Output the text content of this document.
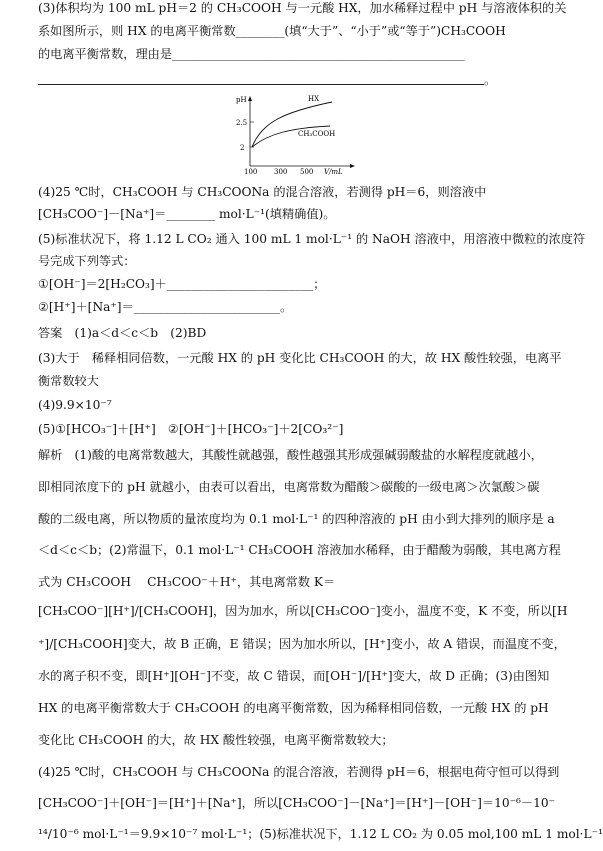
(3)体积均为 100 mL pH＝2 的 CH₃COOH 与一元酸 HX，加水稀释过程中 pH 与溶液体积的关
系如图所示，则 HX 的电离平衡常数________(填“大于”、“小于”或“等于”)CH₃COOH
的电离平衡常数，理由是________________________________________________
。
pH
2.5
2
100 300 500 V/mL
HX
CH₃COOH
(4)25 ℃时，CH₃COOH 与 CH₃COONa 的混合溶液，若测得 pH＝6，则溶液中
[CH₃COO⁻]－[Na⁺]＝________ mol·L⁻¹(填精确值)。
(5)标准状况下，将 1.12 L CO₂ 通入 100 mL 1 mol·L⁻¹ 的 NaOH 溶液中，用溶液中微粒的浓度符
号完成下列等式：
①[OH⁻]＝2[H₂CO₃]＋________________________；
②[H⁺]＋[Na⁺]＝________________________。
答案　(1)a＜d＜c＜b　(2)BD
(3)大于　稀释相同倍数，一元酸 HX 的 pH 变化比 CH₃COOH 的大，故 HX 酸性较强，电离平
衡常数较大
(4)9.9×10⁻⁷
(5)①[HCO₃⁻]＋[H⁺]　②[OH⁻]＋[HCO₃⁻]＋2[CO₃²⁻]
解析　(1)酸的电离常数越大，其酸性就越强，酸性越强其形成强碱弱酸盐的水解程度就越小，
即相同浓度下的 pH 就越小，由表可以看出，电离常数为醋酸＞碳酸的一级电离＞次氯酸＞碳
酸的二级电离，所以物质的量浓度均为 0.1 mol·L⁻¹ 的四种溶液的 pH 由小到大排列的顺序是 a
＜d＜c＜b；(2)常温下，0.1 mol·L⁻¹ CH₃COOH 溶液加水稀释，由于醋酸为弱酸，其电离方程
式为 CH₃COOH　 CH₃COO⁻＋H⁺，其电离常数 K＝
[CH₃COO⁻][H⁺]/[CH₃COOH]，因为加水，所以[CH₃COO⁻]变小，温度不变，K 不变，所以[H
⁺]/[CH₃COOH]变大，故 B 正确，E 错误；因为加水所以，[H⁺]变小，故 A 错误，而温度不变，
水的离子积不变，即[H⁺][OH⁻]不变，故 C 错误，而[OH⁻]/[H⁺]变大，故 D 正确；(3)由图知
HX 的电离平衡常数大于 CH₃COOH 的电离平衡常数，因为稀释相同倍数，一元酸 HX 的 pH
变化比 CH₃COOH 的大，故 HX 酸性较强，电离平衡常数较大；
(4)25 ℃时，CH₃COOH 与 CH₃COONa 的混合溶液，若测得 pH＝6，根据电荷守恒可以得到
[CH₃COO⁻]＋[OH⁻]＝[H⁺]＋[Na⁺]，所以[CH₃COO⁻]－[Na⁺]＝[H⁺]－[OH⁻]＝10⁻⁶－10⁻
¹⁴/10⁻⁶ mol·L⁻¹＝9.9×10⁻⁷ mol·L⁻¹；(5)标准状况下，1.12 L CO₂ 为 0.05 mol,100 mL 1 mol·L⁻¹
